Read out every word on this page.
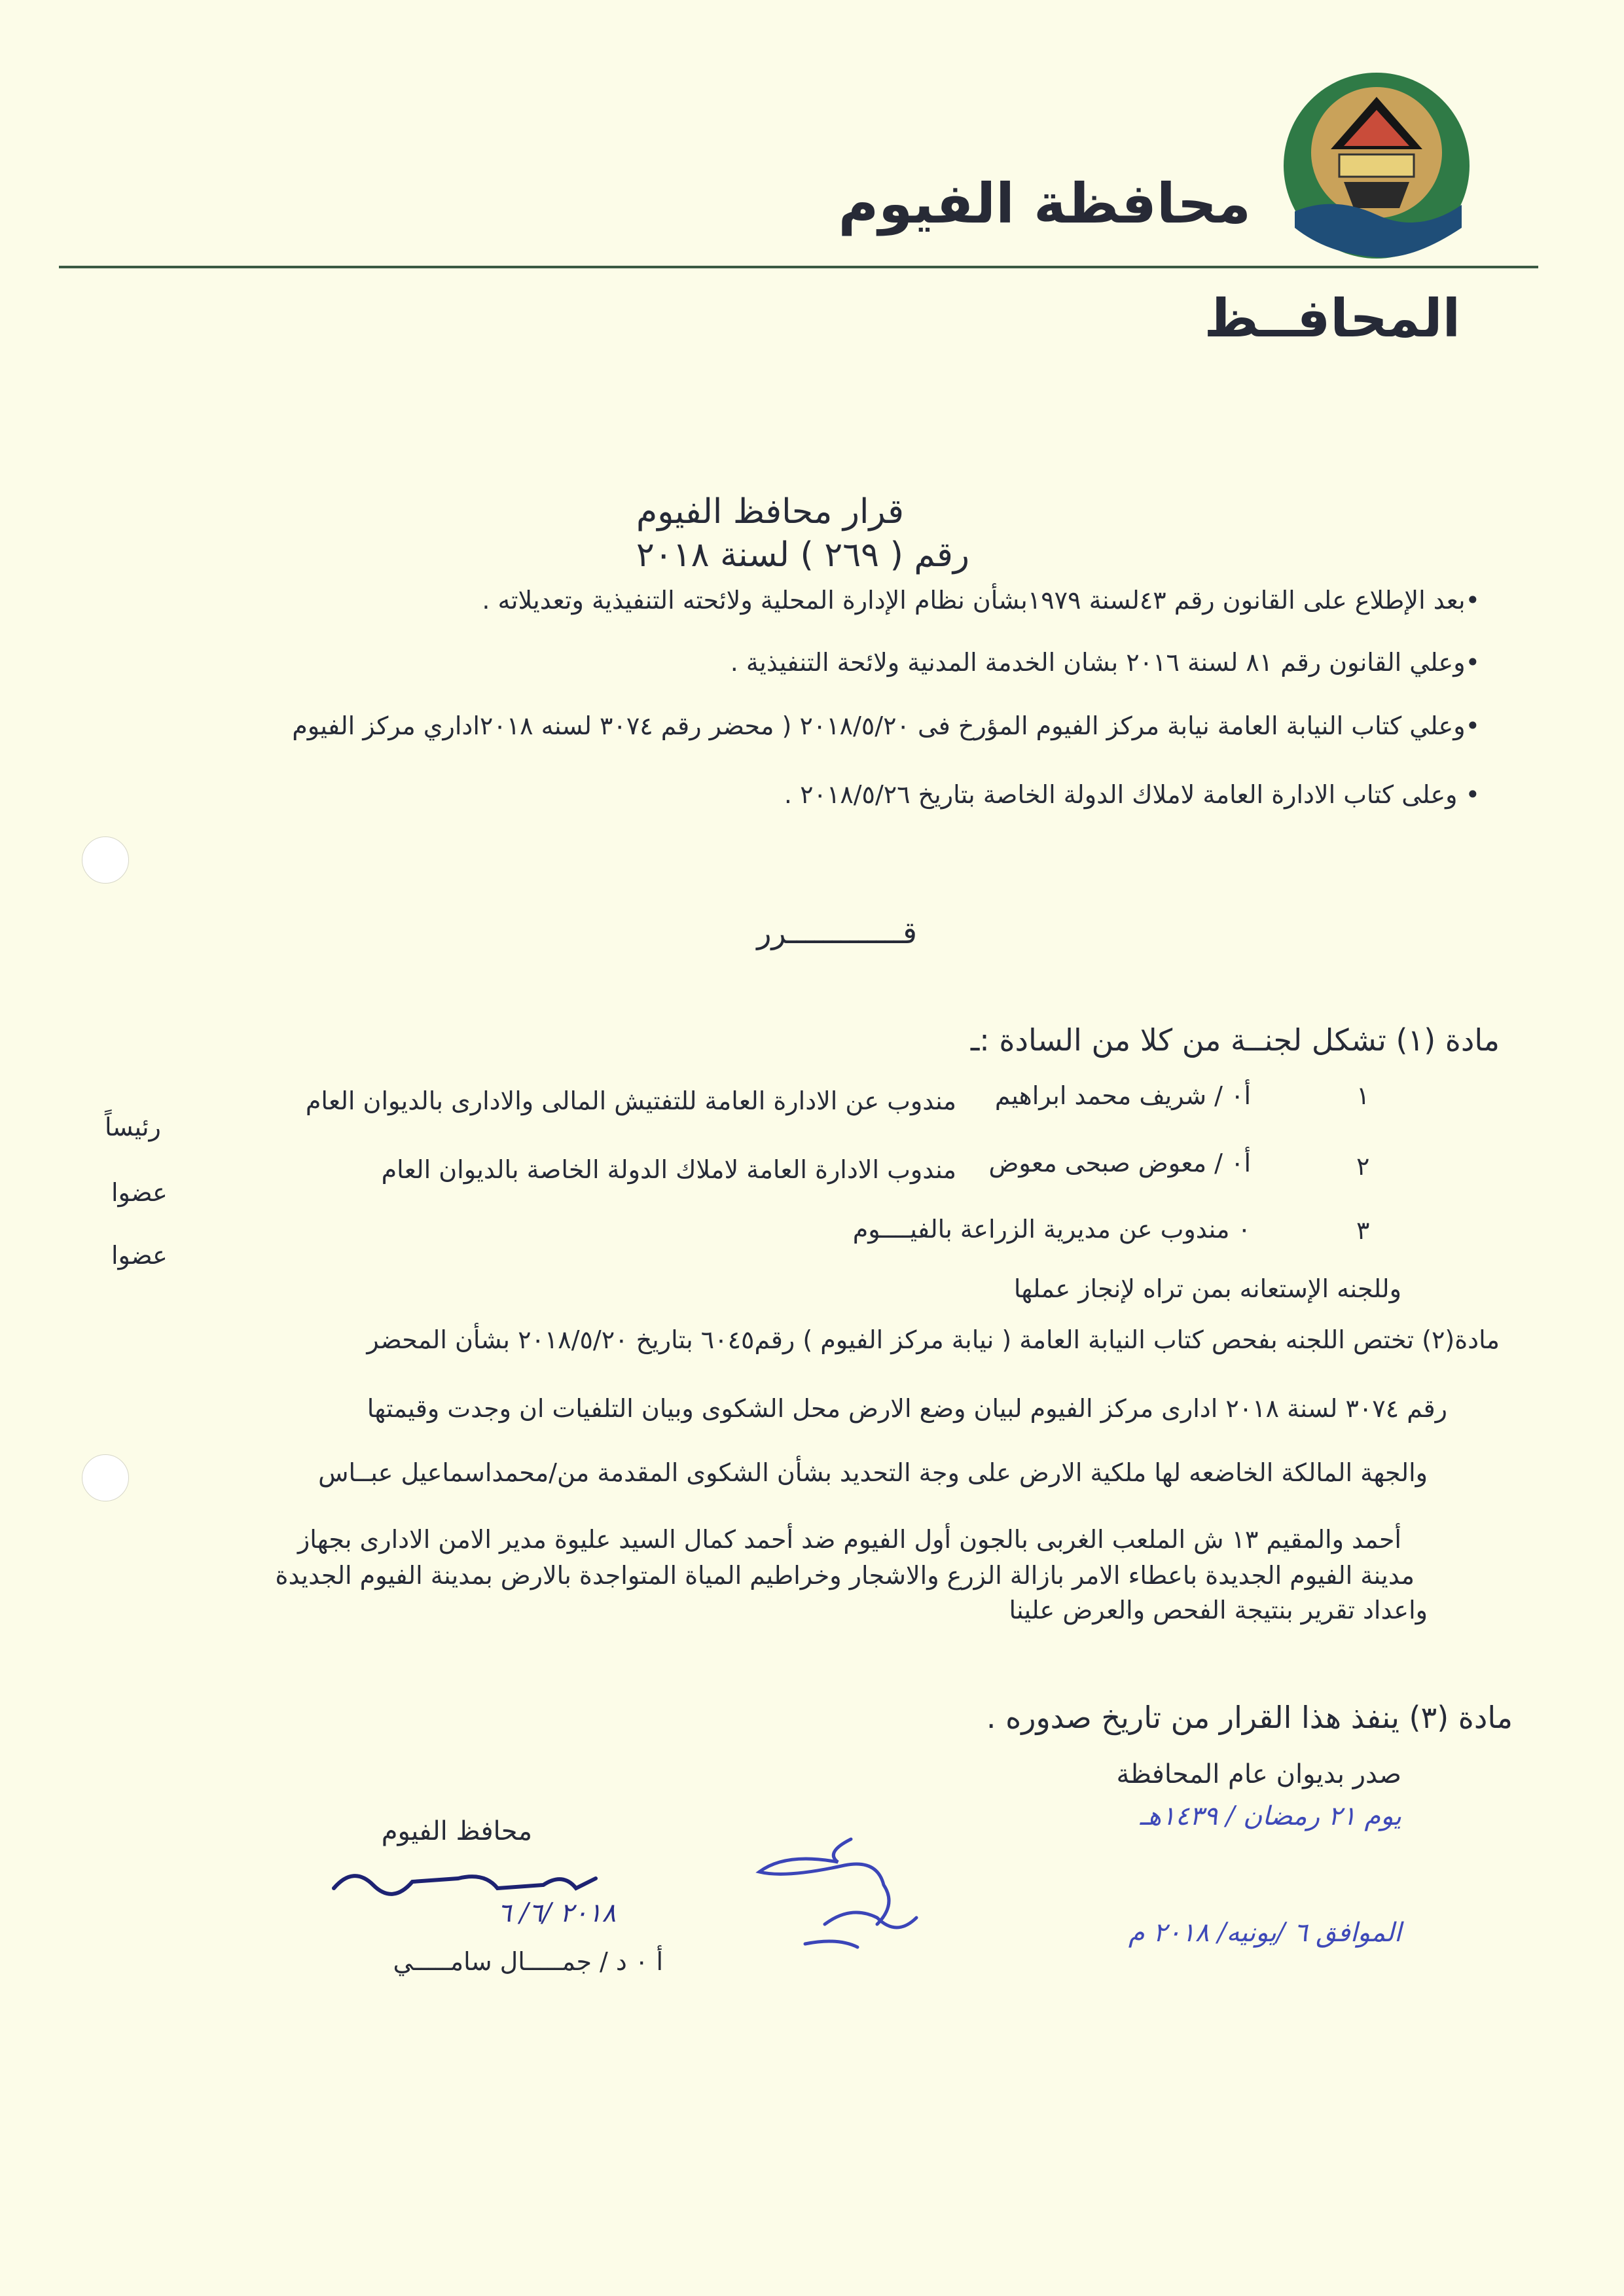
محافظة الفيوم
المحافــظ
قرار محافظ الفيوم
رقم ( ٢٦٩ ) لسنة ٢٠١٨
•بعد الإطلاع على القانون رقم ٤٣لسنة ١٩٧٩بشأن نظام الإدارة المحلية ولائحته التنفيذية وتعديلاته .
•وعلي القانون رقم ٨١ لسنة ٢٠١٦ بشان الخدمة المدنية ولائحة التنفيذية .
•وعلي كتاب النيابة العامة نيابة مركز الفيوم المؤرخ فى ٢٠١٨/٥/٢٠ ( محضر رقم ٣٠٧٤ لسنه ٢٠١٨اداري مركز الفيوم
• وعلى كتاب الادارة العامة لاملاك الدولة الخاصة بتاريخ ٢٠١٨/٥/٢٦ .
قـــــــــــــرر
مادة (١) تشكل لجنــة من كلا من السادة :ـ
١
أ٠ / شريف محمد ابراهيم
مندوب عن الادارة العامة للتفتيش المالى والادارى بالديوان العام
رئيساً
٢
أ٠ / معوض صبحى معوض
مندوب الادارة العامة لاملاك الدولة الخاصة بالديوان العام
عضوا
٣
٠ مندوب عن مديرية الزراعة بالفيــــوم
عضوا
وللجنه الإستعانه بمن تراه لإنجاز عملها
مادة(٢) تختص اللجنه بفحص كتاب النيابة العامة ( نيابة مركز الفيوم ) رقم٦٠٤٥ بتاريخ ٢٠١٨/٥/٢٠ بشأن المحضر
رقم ٣٠٧٤ لسنة ٢٠١٨ ادارى مركز الفيوم لبيان وضع الارض محل الشكوى وبيان التلفيات ان وجدت وقيمتها
والجهة المالكة الخاضعه لها ملكية الارض على وجة التحديد بشأن الشكوى المقدمة من/محمداسماعيل عبــاس
أحمد والمقيم ١٣ ش الملعب الغربى بالجون أول الفيوم ضد أحمد كمال السيد عليوة مدير الامن الادارى بجهاز
مدينة الفيوم الجديدة باعطاء الامر بازالة الزرع والاشجار وخراطيم المياة المتواجدة بالارض بمدينة الفيوم الجديدة
واعداد تقرير بنتيجة الفحص والعرض علينا
مادة (٣) ينفذ هذا القرار من تاريخ صدوره .
صدر بديوان عام المحافظة
يوم ٢١ رمضان / ١٤٣٩هـ
الموافق ٦ /يونيه/ ٢٠١٨ م
محافظ الفيوم
٢٠١٨ /٦/ ٦
أ ٠ د / جمـــــال سامـــــي
